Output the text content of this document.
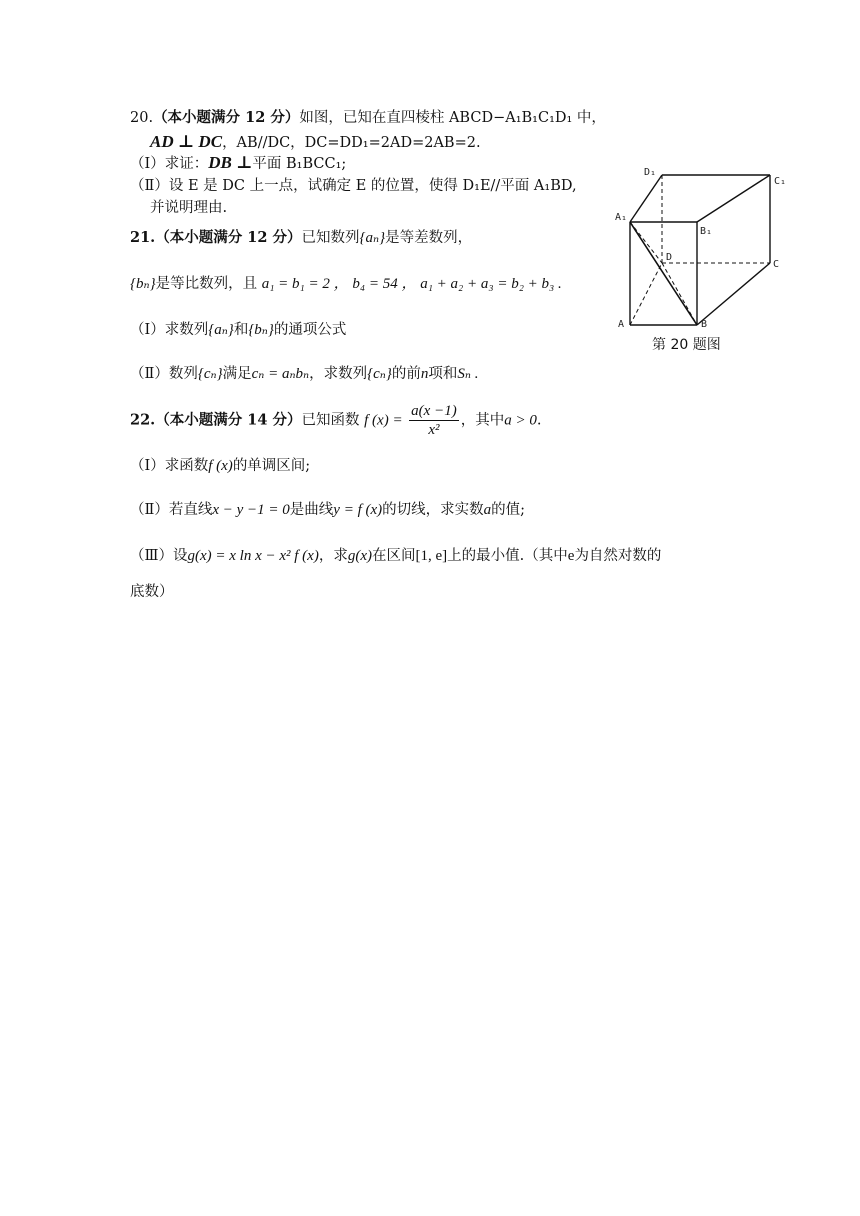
20.（本小题满分 12 分）如图，已知在直四棱柱 ABCD−A₁B₁C₁D₁ 中，
AD ⊥ DC，AB//DC，DC=DD₁=2AD=2AB=2.
（Ⅰ）求证：DB ⊥平面 B₁BCC₁;
（Ⅱ）设 E 是 DC 上一点，试确定 E 的位置，使得 D₁E//平面 A₁BD,
并说明理由.
21.（本小题满分 12 分）已知数列{aₙ}是等差数列，
{bₙ}是等比数列，且 a₁ = b₁ = 2 ， b₄ = 54 ， a₁ + a₂ + a₃ = b₂ + b₃ .
（Ⅰ）求数列{aₙ}和{bₙ}的通项公式
（Ⅱ）数列{cₙ}满足cₙ = aₙbₙ，求数列{cₙ}的前n项和Sₙ .
22.（本小题满分 14 分）已知函数 f $(x) = \frac{a(x -1)}{\text{x²}}$ ，其中a > 0.
（Ⅰ）求函数f (x)的单调区间;
（Ⅱ）若直线x − y −1 = 0是曲线y = f (x)的切线，求实数a的值;
（Ⅲ）设g(x) = x ln x − x² f (x)，求g(x)在区间[1, e]上的最小值.（其中e为自然对数的
底数）
D₁
C₁
A₁
B₁
D
C
A	B
第 20 题图
